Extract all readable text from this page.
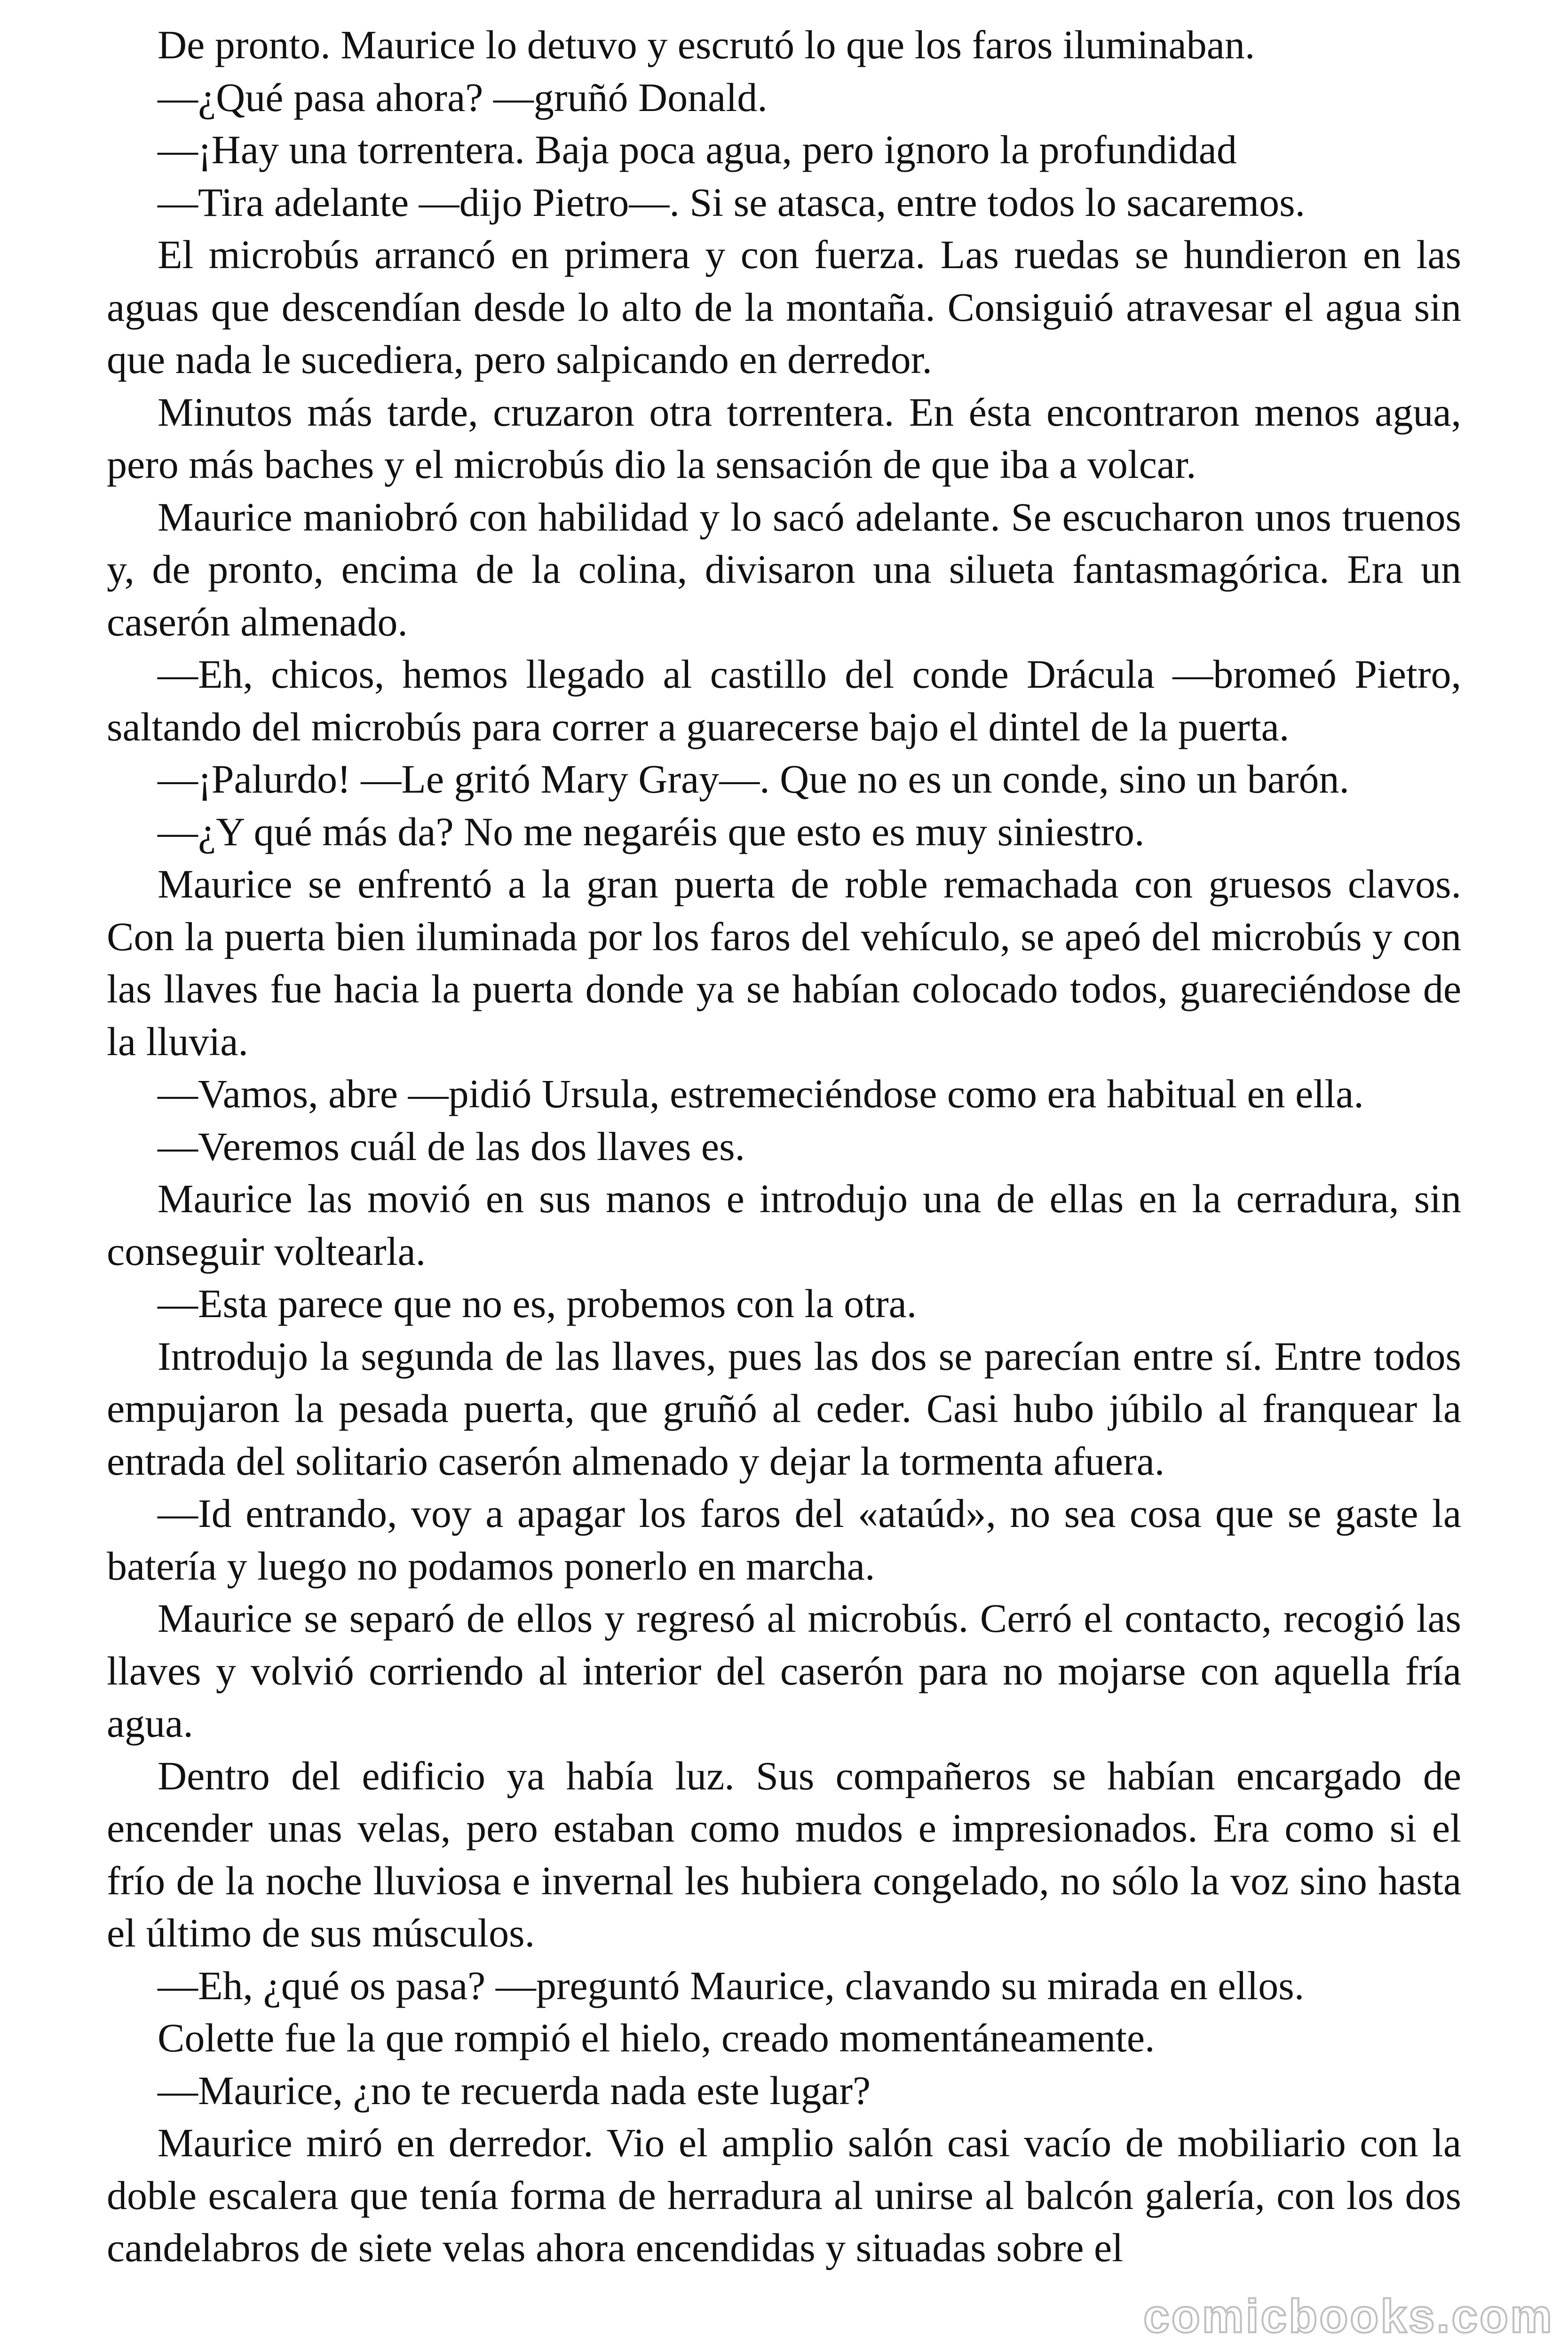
De pronto. Maurice lo detuvo y escrutó lo que los faros iluminaban.

—¿Qué pasa ahora? —gruñó Donald.

—¡Hay una torrentera. Baja poca agua, pero ignoro la profundidad

—Tira adelante —dijo Pietro—. Si se atasca, entre todos lo sacaremos.

El microbús arrancó en primera y con fuerza. Las ruedas se hundieron en las aguas que descendían desde lo alto de la montaña. Consiguió atravesar el agua sin que nada le sucediera, pero salpicando en derredor.

Minutos más tarde, cruzaron otra torrentera. En ésta encontraron menos agua, pero más baches y el microbús dio la sensación de que iba a volcar.

Maurice maniobró con habilidad y lo sacó adelante. Se escucharon unos truenos y, de pronto, encima de la colina, divisaron una silueta fantasmagórica. Era un caserón almenado.

—Eh, chicos, hemos llegado al castillo del conde Drácula —bromeó Pietro, saltando del microbús para correr a guarecerse bajo el dintel de la puerta.

—¡Palurdo! —Le gritó Mary Gray—. Que no es un conde, sino un barón.

—¿Y qué más da? No me negaréis que esto es muy siniestro.

Maurice se enfrentó a la gran puerta de roble remachada con gruesos clavos. Con la puerta bien iluminada por los faros del vehículo, se apeó del microbús y con las llaves fue hacia la puerta donde ya se habían colocado todos, guareciéndose de la lluvia.

—Vamos, abre —pidió Ursula, estremeciéndose como era habitual en ella.

—Veremos cuál de las dos llaves es.

Maurice las movió en sus manos e introdujo una de ellas en la cerradura, sin conseguir voltearla.

—Esta parece que no es, probemos con la otra.

Introdujo la segunda de las llaves, pues las dos se parecían entre sí. Entre todos empujaron la pesada puerta, que gruñó al ceder. Casi hubo júbilo al franquear la entrada del solitario caserón almenado y dejar la tormenta afuera.

—Id entrando, voy a apagar los faros del «ataúd», no sea cosa que se gaste la batería y luego no podamos ponerlo en marcha.

Maurice se separó de ellos y regresó al microbús. Cerró el contacto, recogió las llaves y volvió corriendo al interior del caserón para no mojarse con aquella fría agua.

Dentro del edificio ya había luz. Sus compañeros se habían encargado de encender unas velas, pero estaban como mudos e impresionados. Era como si el frío de la noche lluviosa e invernal les hubiera congelado, no sólo la voz sino hasta el último de sus músculos.

—Eh, ¿qué os pasa? —preguntó Maurice, clavando su mirada en ellos.

Colette fue la que rompió el hielo, creado momentáneamente.

—Maurice, ¿no te recuerda nada este lugar?

Maurice miró en derredor. Vio el amplio salón casi vacío de mobiliario con la doble escalera que tenía forma de herradura al unirse al balcón galería, con los dos candelabros de siete velas ahora encendidas y situadas sobre el

comicbooks.com
